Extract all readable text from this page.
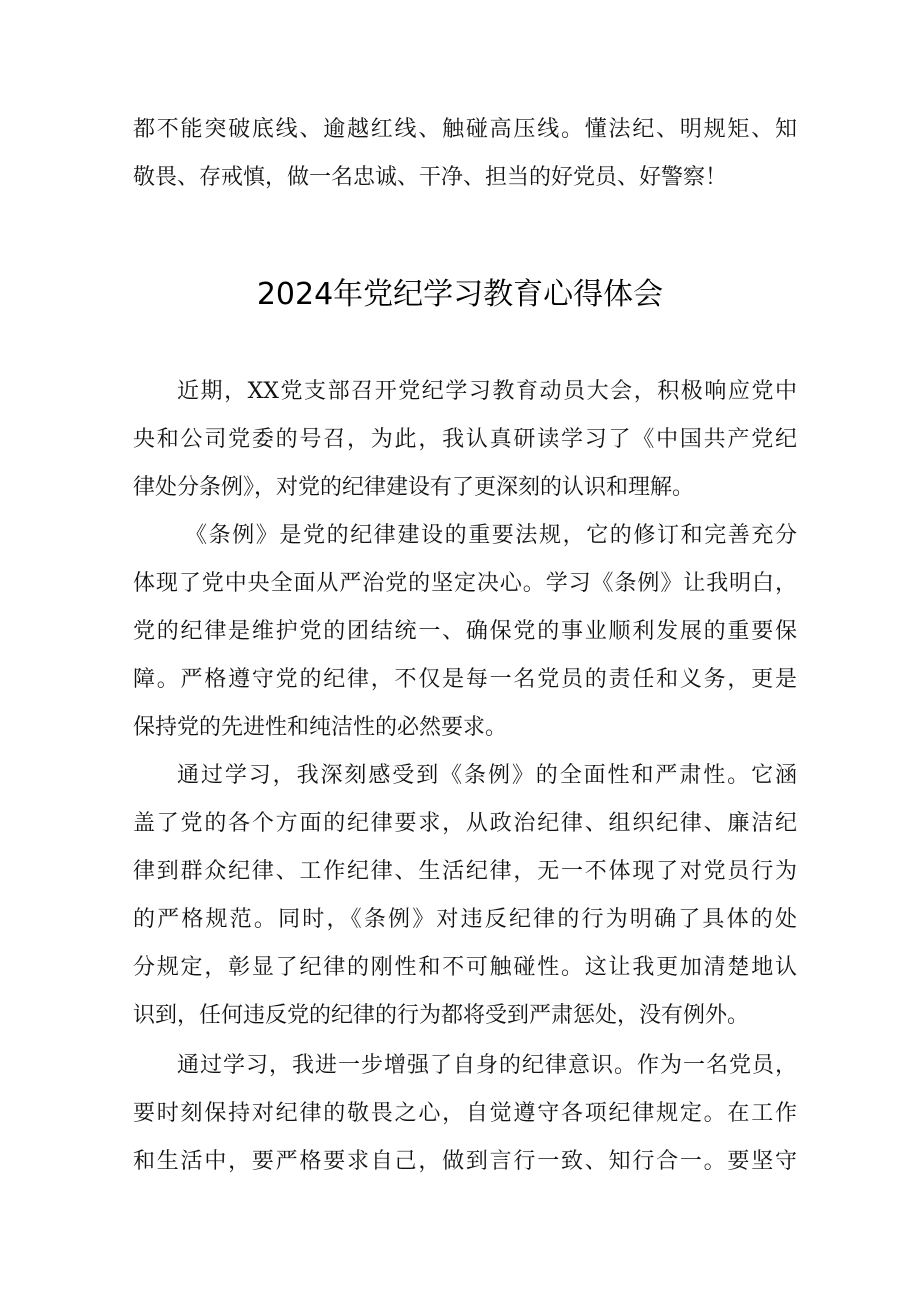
都不能突破底线、逾越红线、触碰高压线。懂法纪、明规矩、知
敬畏、存戒慎，做一名忠诚、干净、担当的好党员、好警察！
2024年党纪学习教育心得体会
近期，XX党支部召开党纪学习教育动员大会，积极响应党中
央和公司党委的号召，为此，我认真研读学习了《中国共产党纪
律处分条例》，对党的纪律建设有了更深刻的认识和理解。
《条例》是党的纪律建设的重要法规，它的修订和完善充分
体现了党中央全面从严治党的坚定决心。学习《条例》让我明白，
党的纪律是维护党的团结统一、确保党的事业顺利发展的重要保
障。严格遵守党的纪律，不仅是每一名党员的责任和义务，更是
保持党的先进性和纯洁性的必然要求。
通过学习，我深刻感受到《条例》的全面性和严肃性。它涵
盖了党的各个方面的纪律要求，从政治纪律、组织纪律、廉洁纪
律到群众纪律、工作纪律、生活纪律，无一不体现了对党员行为
的严格规范。同时，《条例》对违反纪律的行为明确了具体的处
分规定，彰显了纪律的刚性和不可触碰性。这让我更加清楚地认
识到，任何违反党的纪律的行为都将受到严肃惩处，没有例外。
通过学习，我进一步增强了自身的纪律意识。作为一名党员，
要时刻保持对纪律的敬畏之心，自觉遵守各项纪律规定。在工作
和生活中，要严格要求自己，做到言行一致、知行合一。要坚守
